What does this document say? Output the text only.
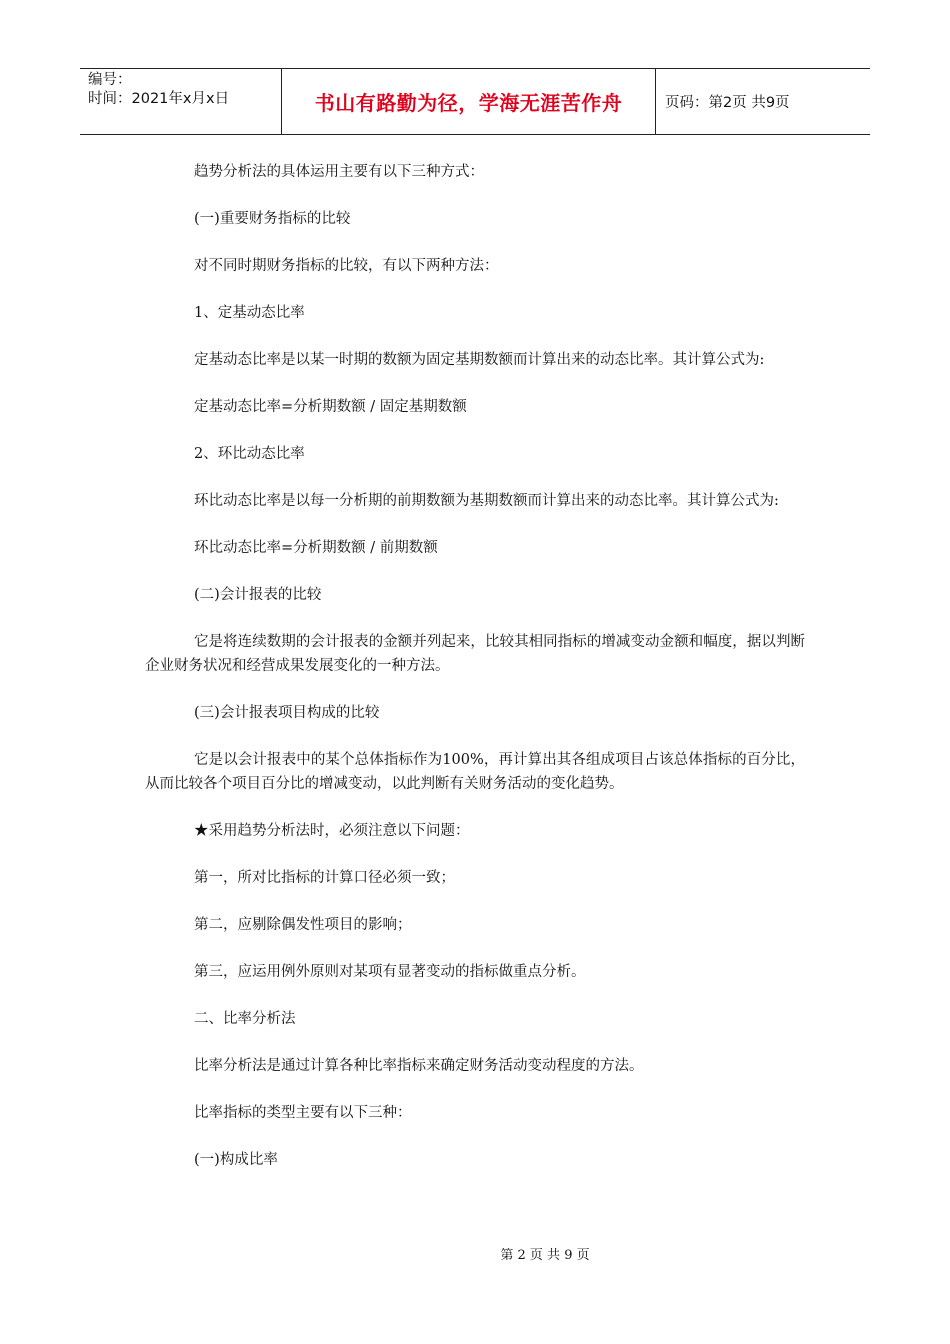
编号：
时间：2021年x月x日	书山有路勤为径，学海无涯苦作舟	页码：第2页 共9页

趋势分析法的具体运用主要有以下三种方式：

(一)重要财务指标的比较

对不同时期财务指标的比较，有以下两种方法：

1、定基动态比率

定基动态比率是以某一时期的数额为固定基期数额而计算出来的动态比率。其计算公式为:

定基动态比率=分析期数额 / 固定基期数额

2、环比动态比率

环比动态比率是以每一分析期的前期数额为基期数额而计算出来的动态比率。其计算公式为:

环比动态比率=分析期数额 / 前期数额

(二)会计报表的比较

它是将连续数期的会计报表的金额并列起来，比较其相同指标的增减变动金额和幅度，据以判断企业财务状况和经营成果发展变化的一种方法。

(三)会计报表项目构成的比较

它是以会计报表中的某个总体指标作为100%，再计算出其各组成项目占该总体指标的百分比，从而比较各个项目百分比的增减变动，以此判断有关财务活动的变化趋势。

★采用趋势分析法时，必须注意以下问题：

第一，所对比指标的计算口径必须一致；

第二，应剔除偶发性项目的影响；

第三，应运用例外原则对某项有显著变动的指标做重点分析。

二、比率分析法

比率分析法是通过计算各种比率指标来确定财务活动变动程度的方法。

比率指标的类型主要有以下三种：

(一)构成比率

第 2 页 共 9 页
